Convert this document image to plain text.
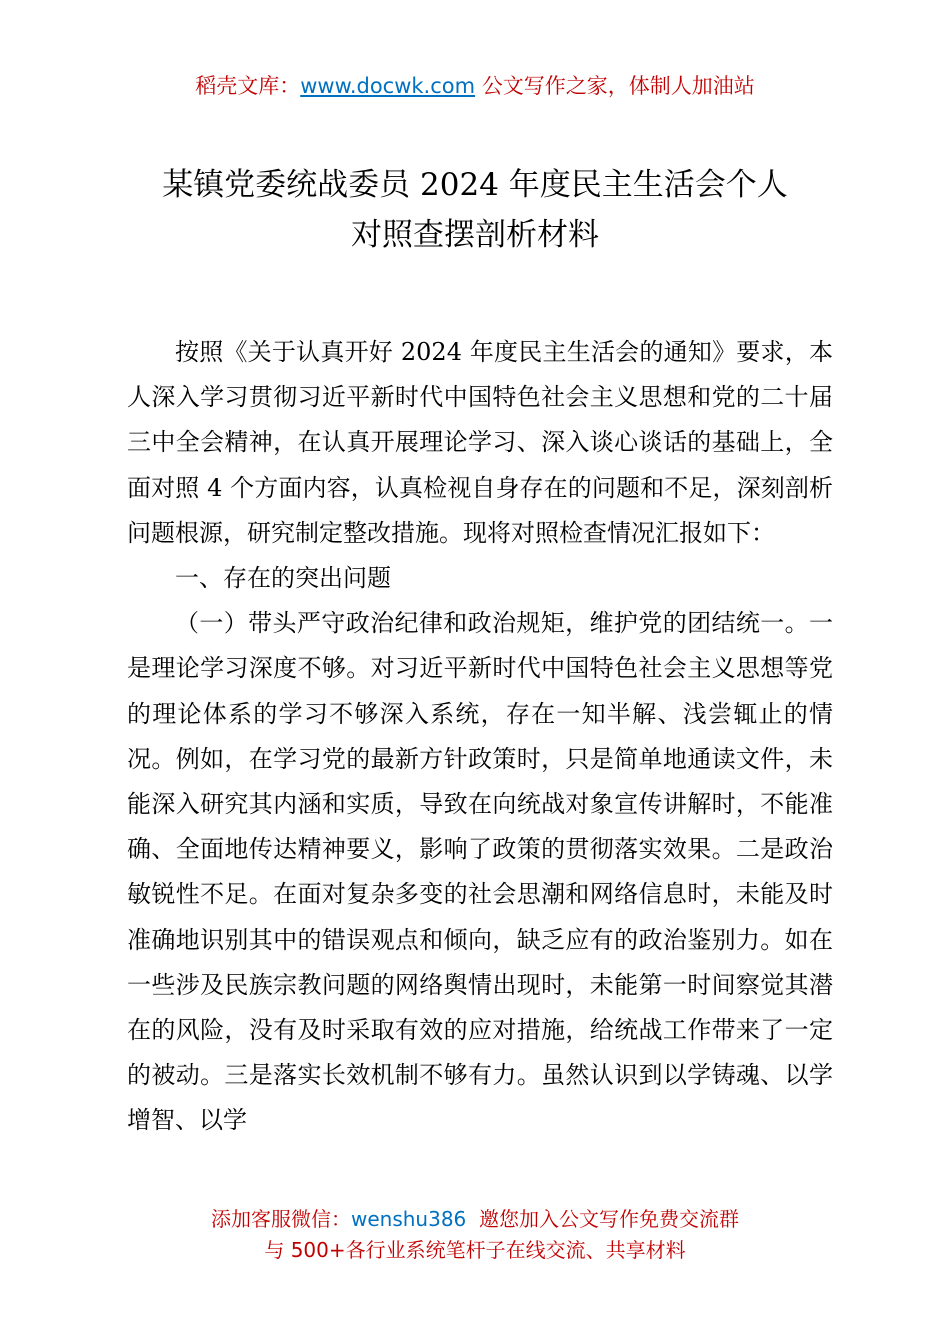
稻壳文库：www.docwk.com 公文写作之家，体制人加油站
某镇党委统战委员 2024 年度民主生活会个人
对照查摆剖析材料

按照《关于认真开好 2024 年度民主生活会的通知》要求，本人深入学习贯彻习近平新时代中国特色社会主义思想和党的二十届三中全会精神，在认真开展理论学习、深入谈心谈话的基础上，全面对照 4 个方面内容，认真检视自身存在的问题和不足，深刻剖析问题根源，研究制定整改措施。现将对照检查情况汇报如下：

一、存在的突出问题

（一）带头严守政治纪律和政治规矩，维护党的团结统一。一是理论学习深度不够。对习近平新时代中国特色社会主义思想等党的理论体系的学习不够深入系统，存在一知半解、浅尝辄止的情况。例如，在学习党的最新方针政策时，只是简单地通读文件，未能深入研究其内涵和实质，导致在向统战对象宣传讲解时，不能准确、全面地传达精神要义，影响了政策的贯彻落实效果。二是政治敏锐性不足。在面对复杂多变的社会思潮和网络信息时，未能及时准确地识别其中的错误观点和倾向，缺乏应有的政治鉴别力。如在一些涉及民族宗教问题的网络舆情出现时，未能第一时间察觉其潜在的风险，没有及时采取有效的应对措施，给统战工作带来了一定的被动。三是落实长效机制不够有力。虽然认识到以学铸魂、以学增智、以学

添加客服微信：wenshu386  邀您加入公文写作免费交流群
与 500+各行业系统笔杆子在线交流、共享材料
